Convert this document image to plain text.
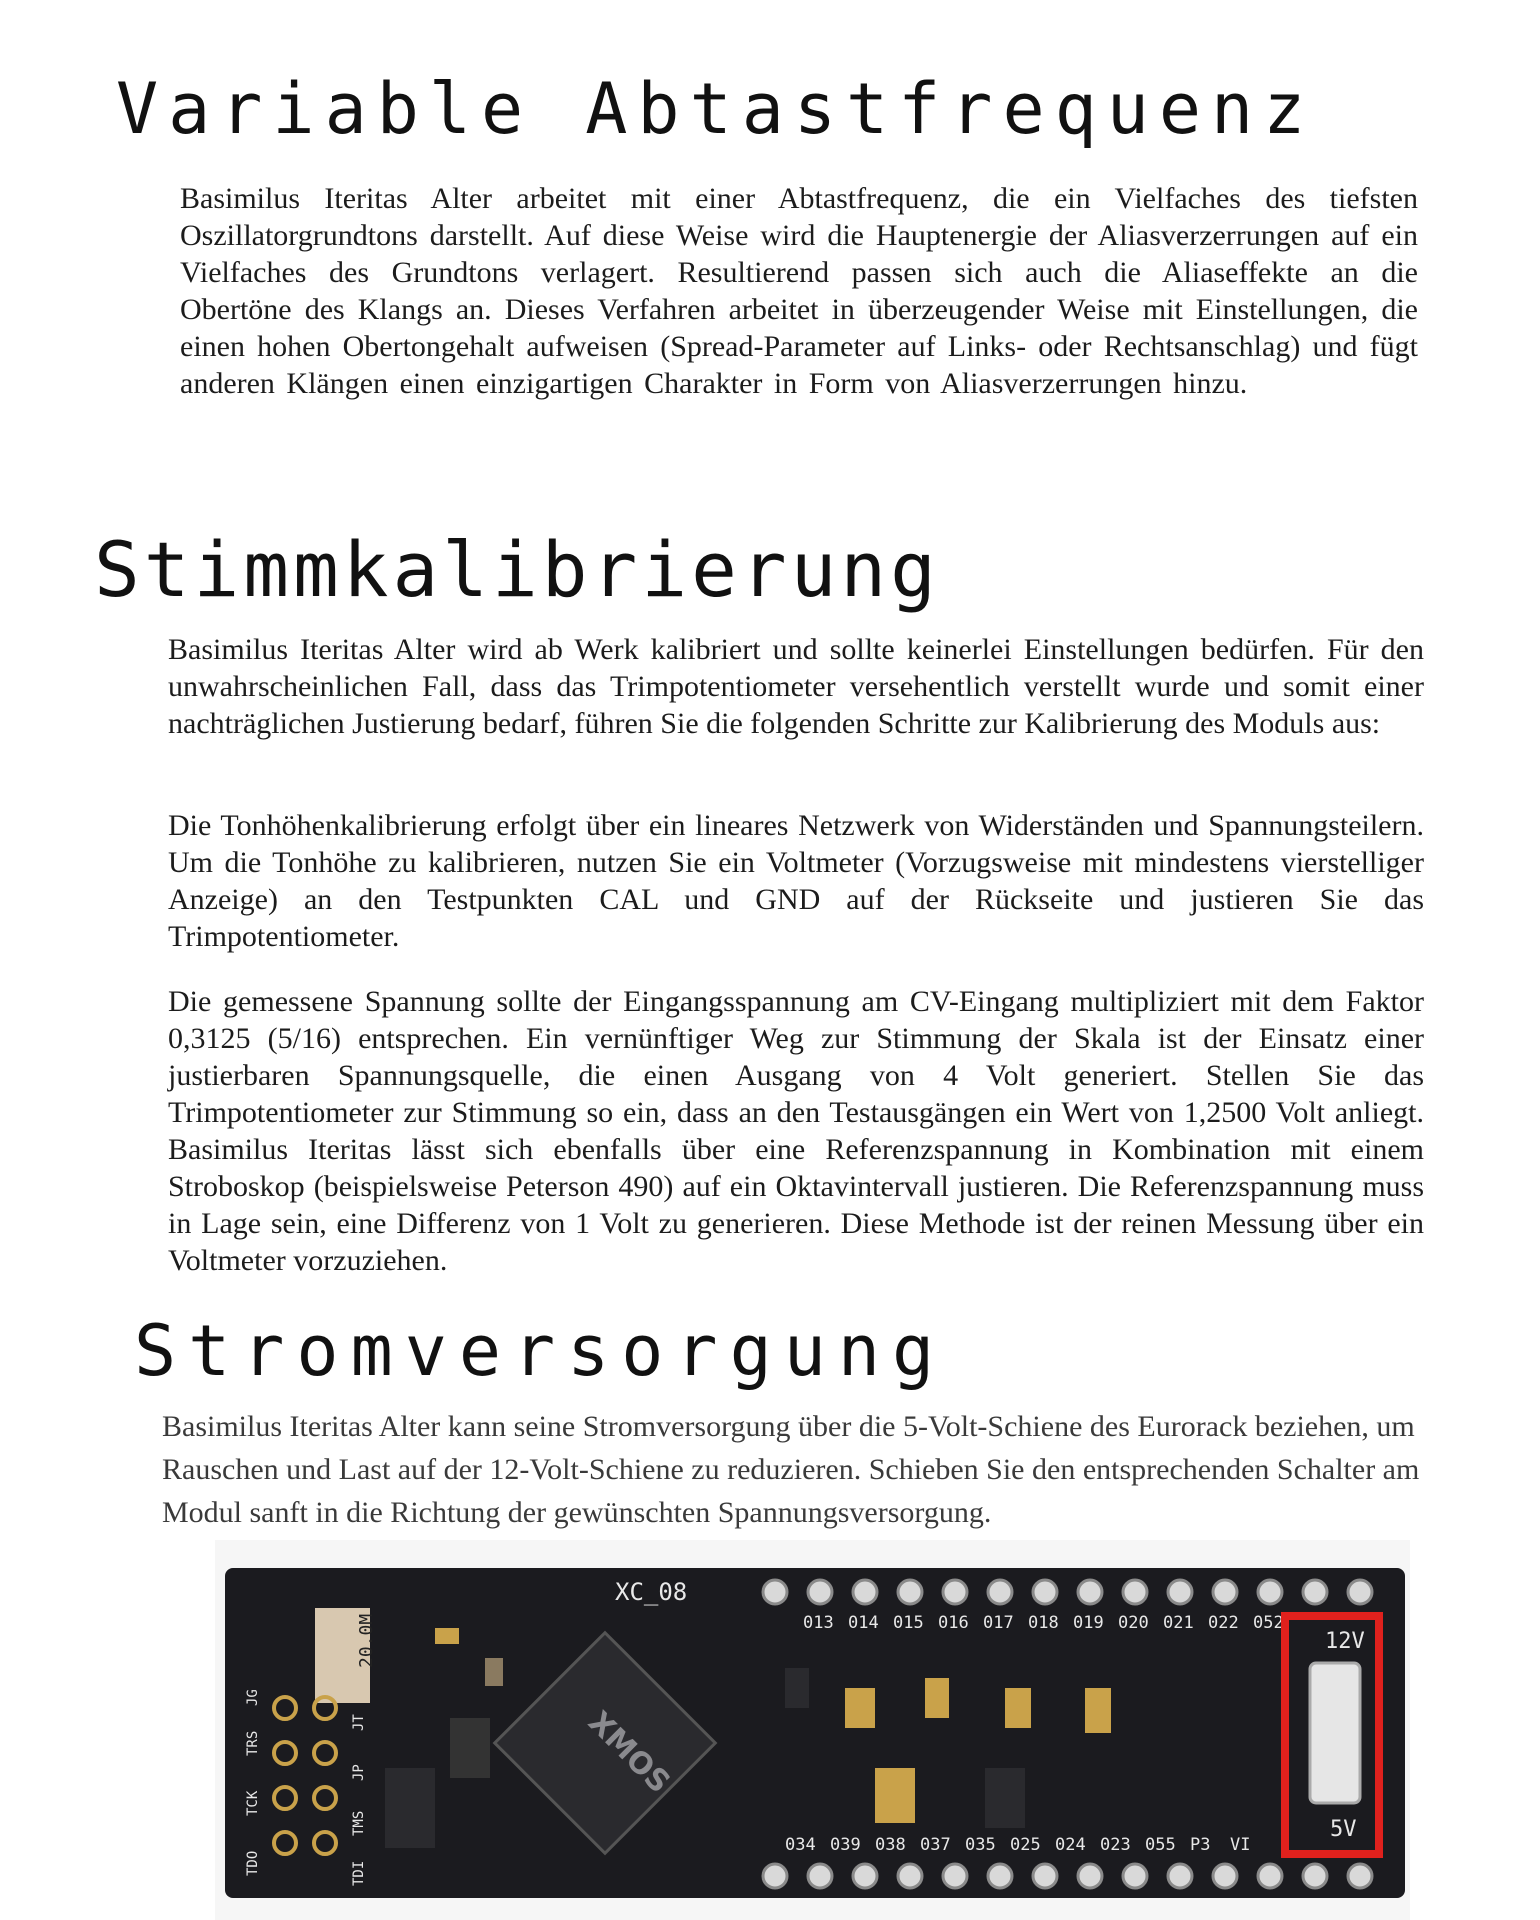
Variable Abtastfrequenz

Basimilus Iteritas Alter arbeitet mit einer Abtastfrequenz, die ein Vielfaches des tiefsten Oszillatorgrundtons darstellt. Auf diese Weise wird die Hauptenergie der Aliasverzerrungen auf ein Vielfaches des Grundtons verlagert. Resultierend passen sich auch die Aliaseffekte an die Obertöne des Klangs an. Dieses Verfahren arbeitet in überzeugender Weise mit Einstellungen, die einen hohen Obertongehalt aufweisen (Spread-Parameter auf Links- oder Rechtsanschlag) und fügt anderen Klängen einen einzigartigen Charakter in Form von Aliasverzerrungen hinzu.

Stimmkalibrierung

Basimilus Iteritas Alter wird ab Werk kalibriert und sollte keinerlei Einstellungen bedürfen. Für den unwahrscheinlichen Fall, dass das Trimpotentiometer versehentlich verstellt wurde und somit einer nachträglichen Justierung bedarf, führen Sie die folgenden Schritte zur Kalibrierung des Moduls aus:

Die Tonhöhenkalibrierung erfolgt über ein lineares Netzwerk von Widerständen und Spannungsteilern. Um die Tonhöhe zu kalibrieren, nutzen Sie ein Voltmeter (Vorzugsweise mit mindestens vierstelliger Anzeige) an den Testpunkten CAL und GND auf der Rückseite und justieren Sie das Trimpotentiometer.

Die gemessene Spannung sollte der Eingangsspannung am CV-Eingang multipliziert mit dem Faktor 0,3125 (5/16) entsprechen. Ein vernünftiger Weg zur Stimmung der Skala ist der Einsatz einer justierbaren Spannungsquelle, die einen Ausgang von 4 Volt generiert. Stellen Sie das Trimpotentiometer zur Stimmung so ein, dass an den Testausgängen ein Wert von 1,2500 Volt anliegt. Basimilus Iteritas lässt sich ebenfalls über eine Referenzspannung in Kombination mit einem Stroboskop (beispielsweise Peterson 490) auf ein Oktavintervall justieren. Die Referenzspannung muss in Lage sein, eine Differenz von 1 Volt zu generieren. Diese Methode ist der reinen Messung über ein Voltmeter vorzuziehen.

Stromversorgung

Basimilus Iteritas Alter kann seine Stromversorgung über die 5-Volt-Schiene des Eurorack beziehen, um Rauschen und Last auf der 12-Volt-Schiene zu reduzieren. Schieben Sie den entsprechenden Schalter am Modul sanft in die Richtung der gewünschten Spannungsversorgung.

XC_08
20.0M
XMOS
TDO
TCK
TMS
TRS
JG
TDI
JP
JT
013 014 015 016 017 018 019 020 021 022 052
034 039 038 037 035 025 024 023 055 P3 VI
12V
5V
